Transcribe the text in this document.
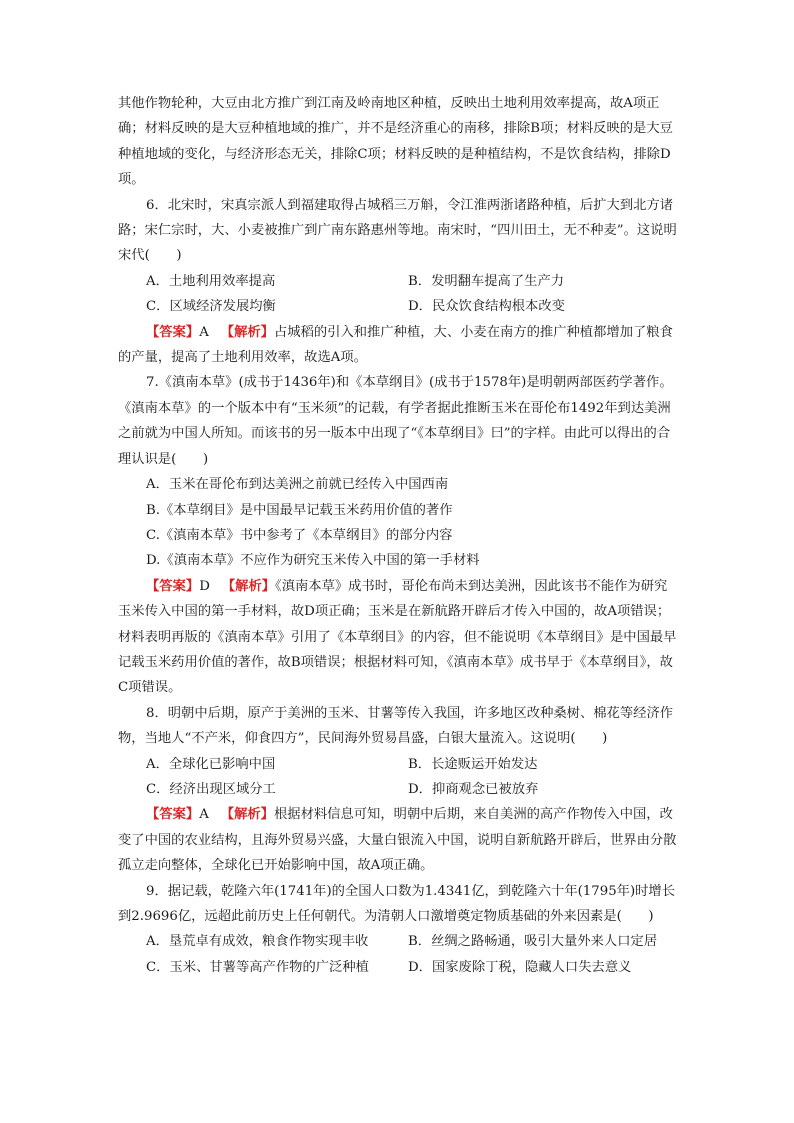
其他作物轮种，大豆由北方推广到江南及岭南地区种植，反映出土地利用效率提高，故A项正确；材料反映的是大豆种植地域的推广，并不是经济重心的南移，排除B项；材料反映的是大豆种植地域的变化，与经济形态无关，排除C项；材料反映的是种植结构，不是饮食结构，排除D项。

6．北宋时，宋真宗派人到福建取得占城稻三万斛，令江淮两浙诸路种植，后扩大到北方诸路；宋仁宗时，大、小麦被推广到广南东路惠州等地。南宋时，“四川田土，无不种麦”。这说明宋代(　　)

A．土地利用效率提高	B．发明翻车提高了生产力
C．区域经济发展均衡	D．民众饮食结构根本改变

【答案】A 【解析】占城稻的引入和推广种植，大、小麦在南方的推广种植都增加了粮食的产量，提高了土地利用效率，故选A项。

7.《滇南本草》(成书于1436年)和《本草纲目》(成书于1578年)是明朝两部医药学著作。《滇南本草》的一个版本中有“玉米须”的记载，有学者据此推断玉米在哥伦布1492年到达美洲之前就为中国人所知。而该书的另一版本中出现了“《本草纲目》曰”的字样。由此可以得出的合理认识是(　　)

A．玉米在哥伦布到达美洲之前就已经传入中国西南

B.《本草纲目》是中国最早记载玉米药用价值的著作

C.《滇南本草》书中参考了《本草纲目》的部分内容

D.《滇南本草》不应作为研究玉米传入中国的第一手材料

【答案】D 【解析】《滇南本草》成书时，哥伦布尚未到达美洲，因此该书不能作为研究玉米传入中国的第一手材料，故D项正确；玉米是在新航路开辟后才传入中国的，故A项错误；材料表明再版的《滇南本草》引用了《本草纲目》的内容，但不能说明《本草纲目》是中国最早记载玉米药用价值的著作，故B项错误；根据材料可知，《滇南本草》成书早于《本草纲目》，故C项错误。

8．明朝中后期，原产于美洲的玉米、甘薯等传入我国，许多地区改种桑树、棉花等经济作物，当地人“不产米，仰食四方”，民间海外贸易昌盛，白银大量流入。这说明(　　)

A．全球化已影响中国	B．长途贩运开始发达
C．经济出现区域分工	D．抑商观念已被放弃

【答案】A 【解析】根据材料信息可知，明朝中后期，来自美洲的高产作物传入中国，改变了中国的农业结构，且海外贸易兴盛，大量白银流入中国，说明自新航路开辟后，世界由分散孤立走向整体，全球化已开始影响中国，故A项正确。

9．据记载，乾隆六年(1741年)的全国人口数为1.4341亿，到乾隆六十年(1795年)时增长到2.9696亿，远超此前历史上任何朝代。为清朝人口激增奠定物质基础的外来因素是(　　)

A．垦荒卓有成效，粮食作物实现丰收	B．丝绸之路畅通，吸引大量外来人口定居
C．玉米、甘薯等高产作物的广泛种植	D．国家废除丁税，隐藏人口失去意义
